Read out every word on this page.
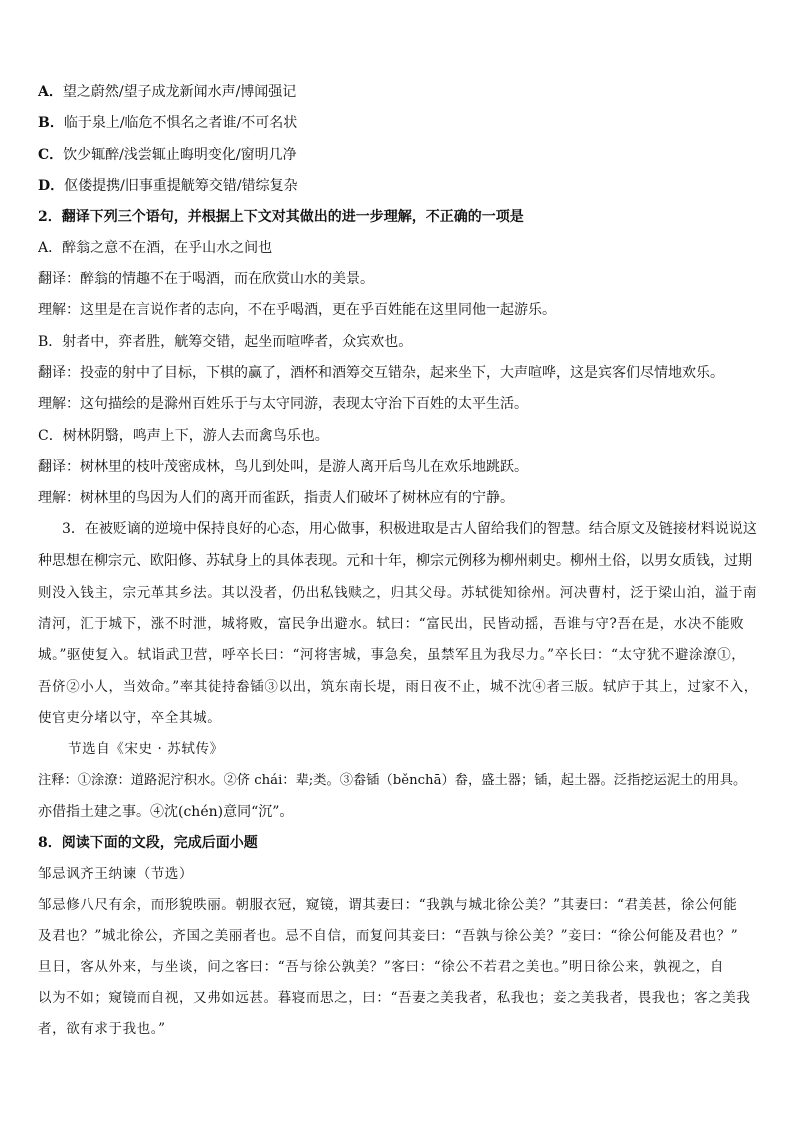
A．望之蔚然/望子成龙新闻水声/博闻强记
B．临于泉上/临危不惧名之者谁/不可名状
C．饮少辄醉/浅尝辄止晦明变化/窗明几净
D．伛偻提携/旧事重提觥筹交错/错综复杂
2．翻译下列三个语句，并根据上下文对其做出的进一步理解，不正确的一项是
A．醉翁之意不在酒，在乎山水之间也
翻译：醉翁的情趣不在于喝酒，而在欣赏山水的美景。
理解：这里是在言说作者的志向，不在乎喝酒，更在乎百姓能在这里同他一起游乐。
B．射者中，弈者胜，觥筹交错，起坐而喧哗者，众宾欢也。
翻译：投壶的射中了目标，下棋的赢了，酒杯和酒筹交互错杂，起来坐下，大声喧哗，这是宾客们尽情地欢乐。
理解：这句描绘的是滁州百姓乐于与太守同游，表现太守治下百姓的太平生活。
C．树林阴翳，鸣声上下，游人去而禽鸟乐也。
翻译：树林里的枝叶茂密成林，鸟儿到处叫，是游人离开后鸟儿在欢乐地跳跃。
理解：树林里的鸟因为人们的离开而雀跃，指责人们破坏了树林应有的宁静。
3．在被贬谪的逆境中保持良好的心态，用心做事，积极进取是古人留给我们的智慧。结合原文及链接材料说说这
种思想在柳宗元、欧阳修、苏轼身上的具体表现。元和十年，柳宗元例移为柳州刺史。柳州土俗，以男女质钱，过期
则没入钱主，宗元革其乡法。其以没者，仍出私钱赎之，归其父母。苏轼徙知徐州。河决曹村，泛于梁山泊，溢于南
清河，汇于城下，涨不时泄，城将败，富民争出避水。轼曰：“富民出，民皆动摇，吾谁与守?吾在是，水决不能败
城。”驱使复入。轼诣武卫营，呼卒长曰：“河将害城，事急矣，虽禁军且为我尽力。”卒长曰：“太守犹不避涂潦①，
吾侪②小人，当效命。”率其徒持畚锸③以出，筑东南长堤，雨日夜不止，城不沈④者三版。轼庐于其上，过家不入，
使官吏分堵以守，卒全其城。
节选自《宋史 · 苏轼传》
注释：①涂潦：道路泥泞积水。②侪 chái：辈;类。③畚锸（běnchā）畚，盛土器；锸，起土器。泛指挖运泥土的用具。
亦借指土建之事。④沈(chén)意同“沉”。
8．阅读下面的文段，完成后面小题
邹忌讽齐王纳谏（节选）
邹忌修八尺有余，而形貌昳丽。朝服衣冠，窥镜，谓其妻曰：“我孰与城北徐公美？”其妻曰：“君美甚，徐公何能
及君也？”城北徐公，齐国之美丽者也。忌不自信，而复问其妾曰：“吾孰与徐公美？”妾曰：“徐公何能及君也？”
旦日，客从外来，与坐谈，问之客曰：“吾与徐公孰美？”客曰：“徐公不若君之美也。”明日徐公来，孰视之，自
以为不如；窥镜而自视，又弗如远甚。暮寝而思之，曰：“吾妻之美我者，私我也；妾之美我者，畏我也；客之美我
者，欲有求于我也。”
